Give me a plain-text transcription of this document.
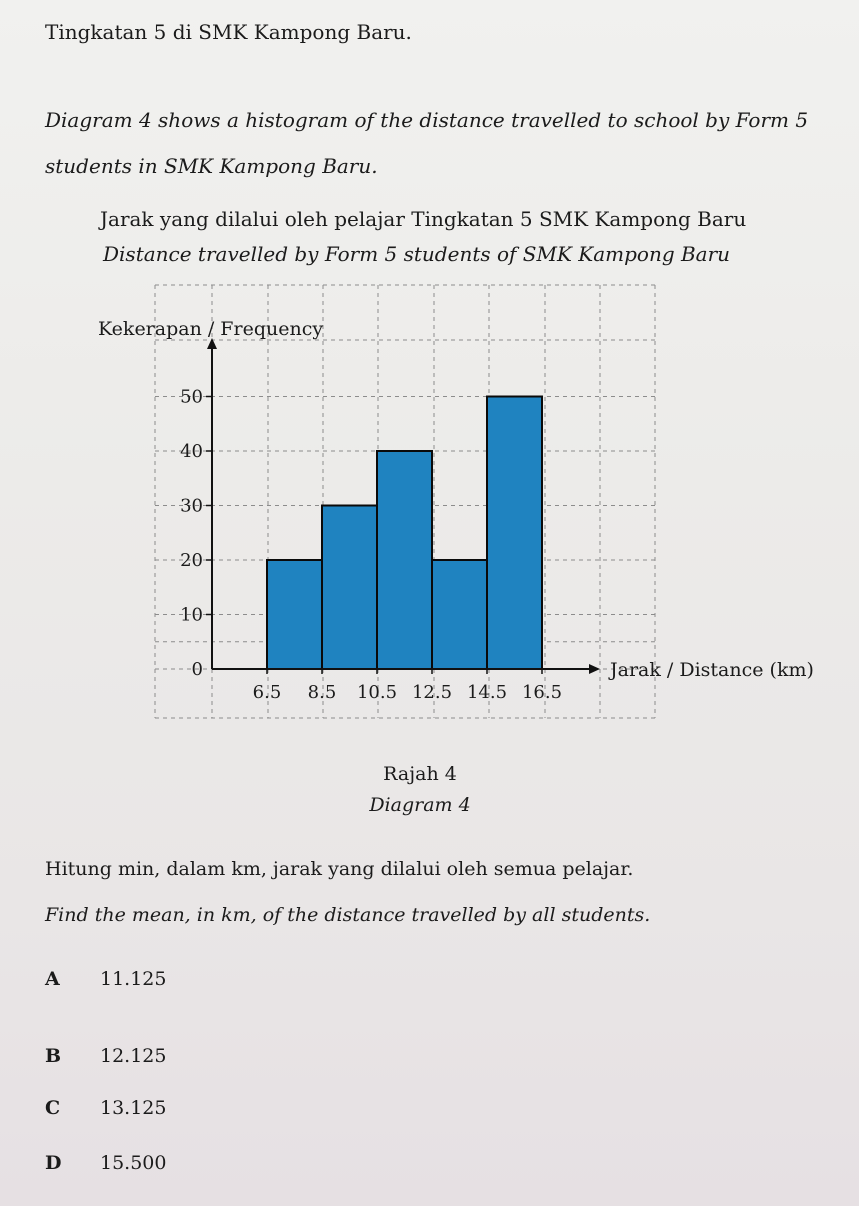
Tingkatan 5 di SMK Kampong Baru.
Diagram 4 shows a histogram of the distance travelled to school by Form 5 students in SMK Kampong Baru.
Jarak yang dilalui oleh pelajar Tingkatan 5 SMK Kampong Baru
Distance travelled by Form 5 students of SMK Kampong Baru
6.5 8.5 10.5 12.5 14.5 16.5
0
10
20
30
40
50
Kekerapan / Frequency
Jarak / Distance (km)
Rajah 4
Diagram 4
Hitung min, dalam km, jarak yang dilalui oleh semua pelajar.
Find the mean, in km, of the distance travelled by all students.
A 11.125
B 12.125
C 13.125
D 15.500
